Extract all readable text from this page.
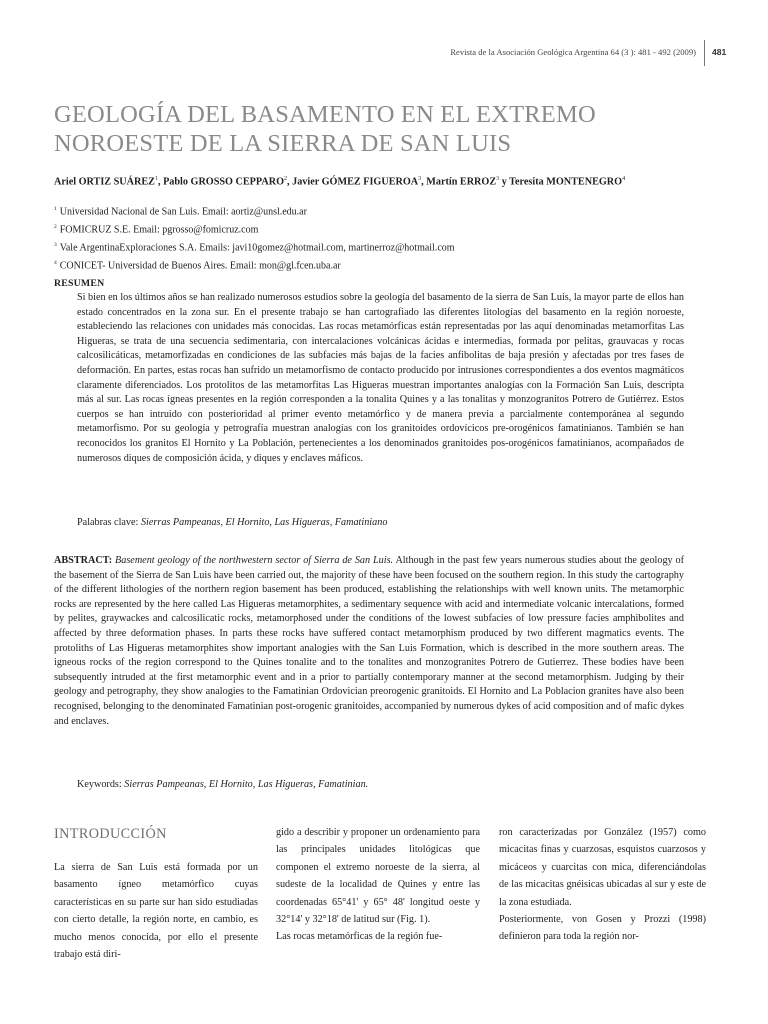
Revista de la Asociación Geológica Argentina 64 (3 ): 481 - 492 (2009) 481
GEOLOGÍA DEL BASAMENTO EN EL EXTREMO
NOROESTE DE LA SIERRA DE SAN LUIS
Ariel ORTIZ SUÁREZ$^1$, Pablo GROSSO CEPPARO$^2$, Javier GÓMEZ FIGUEROA$^3$, Martín ERROZ$^3$ y Teresita MONTENEGRO$^4$
$^1$ Universidad Nacional de San Luis. Email: aortiz@unsl.edu.ar
$^2$ FOMICRUZ S.E. Email: pgrosso@fomicruz.com
$^3$ Vale ArgentinaExploraciones S.A. Emails: javi10gomez@hotmail.com, martinerroz@hotmail.com
$^4$ CONICET- Universidad de Buenos Aires. Email: mon@gl.fcen.uba.ar
RESUMEN

Si bien en los últimos años se han realizado numerosos estudios sobre la geología del basamento de la sierra de San Luis, la mayor parte de ellos han estado concentrados en la zona sur. En el presente trabajo se han cartografiado las diferentes litologías del basamento en la región noroeste, estableciendo las relaciones con unidades más conocidas. Las rocas metamórficas están representadas por las aquí denominadas metamorfitas Las Higueras, se trata de una secuencia sedimentaria, con intercalaciones volcánicas ácidas e intermedias, formada por pelitas, grauvacas y rocas calcosilicáticas, metamorfizadas en condiciones de las subfacies más bajas de la facies anfibolitas de baja presión y afectadas por tres fases de deformación. En partes, estas rocas han sufrido un metamorfismo de contacto producido por intrusiones correspondientes a dos eventos magmáticos claramente diferenciados. Los protolitos de las metamorfitas Las Higueras muestran importantes analogías con la Formación San Luis, descripta más al sur. Las rocas ígneas presentes en la región corresponden a la tonalita Quines y a las tonalitas y monzogranitos Potrero de Gutiérrez. Estos cuerpos se han intruido con posterioridad al primer evento metamórfico y de manera previa a parcialmente contemporánea al segundo metamorfismo. Por su geología y petrografía muestran analogías con los granitoides ordovícicos pre-orogénicos famatinianos. También se han reconocidos los granitos El Hornito y La Población, pertenecientes a los denominados granitoides pos-orogénicos famatinianos, acompañados de numerosos diques de composición ácida, y diques y enclaves máficos.

Palabras clave: Sierras Pampeanas, El Hornito, Las Higueras, Famatiniano

ABSTRACT: Basement geology of the northwestern sector of Sierra de San Luis. Although in the past few years numerous studies about the geology of the basement of the Sierra de San Luis have been carried out, the majority of these have been focused on the southern region. In this study the cartography of the different lithologies of the northern region basement has been produced, establishing the relationships with well known units. The metamorphic rocks are represented by the here called Las Higueras metamorphites, a sedimentary sequence with acid and intermediate volcanic intercalations, formed by pelites, graywackes and calcosilicatic rocks, metamorphosed under the conditions of the lowest subfacies of low pressure facies amphibolites and affected by three deformation phases. In parts these rocks have suffered contact metamorphism produced by two different magmatics events. The protoliths of Las Higueras metamorphites show important analogies with the San Luis Formation, which is described in the more southern areas. The igneous rocks of the region correspond to the Quines tonalite and to the tonalites and monzogranites Potrero de Gutierrez. These bodies have been subsequently intruded at the first metamorphic event and in a prior to partially contemporary manner at the second metamorphism. Judging by their geology and petrography, they show analogies to the Famatinian Ordovician preorogenic granitoids. El Hornito and La Poblacion granites have also been recognised, belonging to the denominated Famatinian post-orogenic granitoides, accompanied by numerous dykes of acid composition and of mafic dykes and enclaves.

Keywords: Sierras Pampeanas, El Hornito, Las Higueras, Famatinian.
INTRODUCCIÓN

La sierra de San Luis está formada por un basamento ígneo metamórfico cuyas características en su parte sur han sido estudiadas con cierto detalle, la región norte, en cambio, es mucho menos conocida, por ello el presente trabajo está diri-

gido a describir y proponer un ordenamiento para las principales unidades litológicas que componen el extremo noroeste de la sierra, al sudeste de la localidad de Quines y entre las coordenadas 65°41' y 65° 48' longitud oeste y 32°14' y 32°18' de latitud sur (Fig. 1).

Las rocas metamórficas de la región fue-

ron caracterizadas por González (1957) como micacitas finas y cuarzosas, esquistos cuarzosos y micáceos y cuarcitas con mica, diferenciándolas de las micacitas gnéisicas ubicadas al sur y este de la zona estudiada.

Posteriormente, von Gosen y Prozzi (1998) definieron para toda la región nor-
